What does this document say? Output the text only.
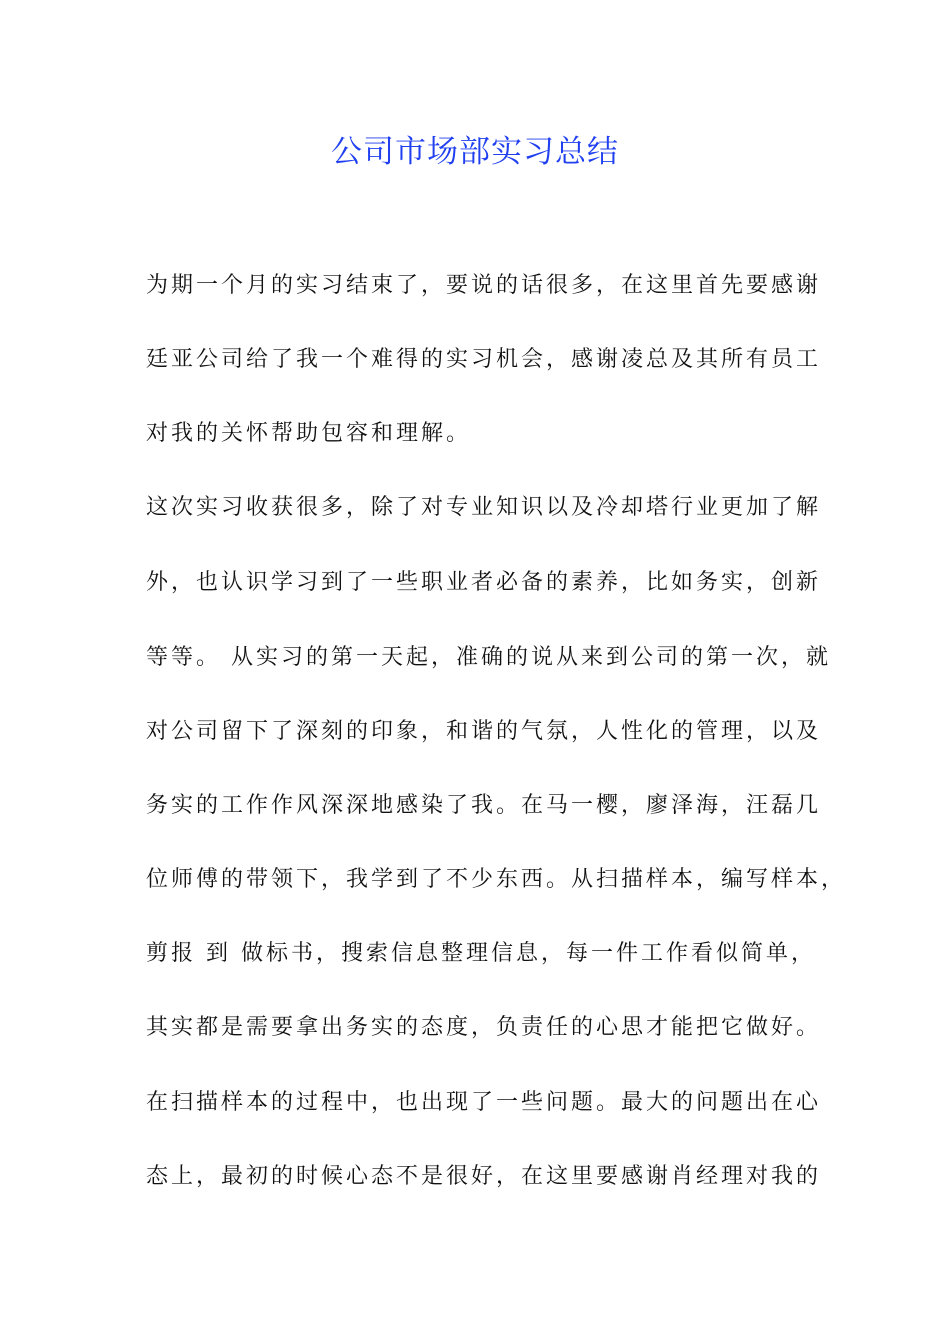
公司市场部实习总结
为期一个月的实习结束了，要说的话很多，在这里首先要感谢
廷亚公司给了我一个难得的实习机会，感谢凌总及其所有员工
对我的关怀帮助包容和理解。
这次实习收获很多，除了对专业知识以及冷却塔行业更加了解
外，也认识学习到了一些职业者必备的素养，比如务实，创新
等等。 从实习的第一天起，准确的说从来到公司的第一次，就
对公司留下了深刻的印象，和谐的气氛，人性化的管理，以及
务实的工作作风深深地感染了我。在马一樱，廖泽海，汪磊几
位师傅的带领下，我学到了不少东西。从扫描样本，编写样本，
剪报 到 做标书，搜索信息整理信息，每一件工作看似简单，
其实都是需要拿出务实的态度，负责任的心思才能把它做好。
在扫描样本的过程中，也出现了一些问题。最大的问题出在心
态上，最初的时候心态不是很好，在这里要感谢肖经理对我的
